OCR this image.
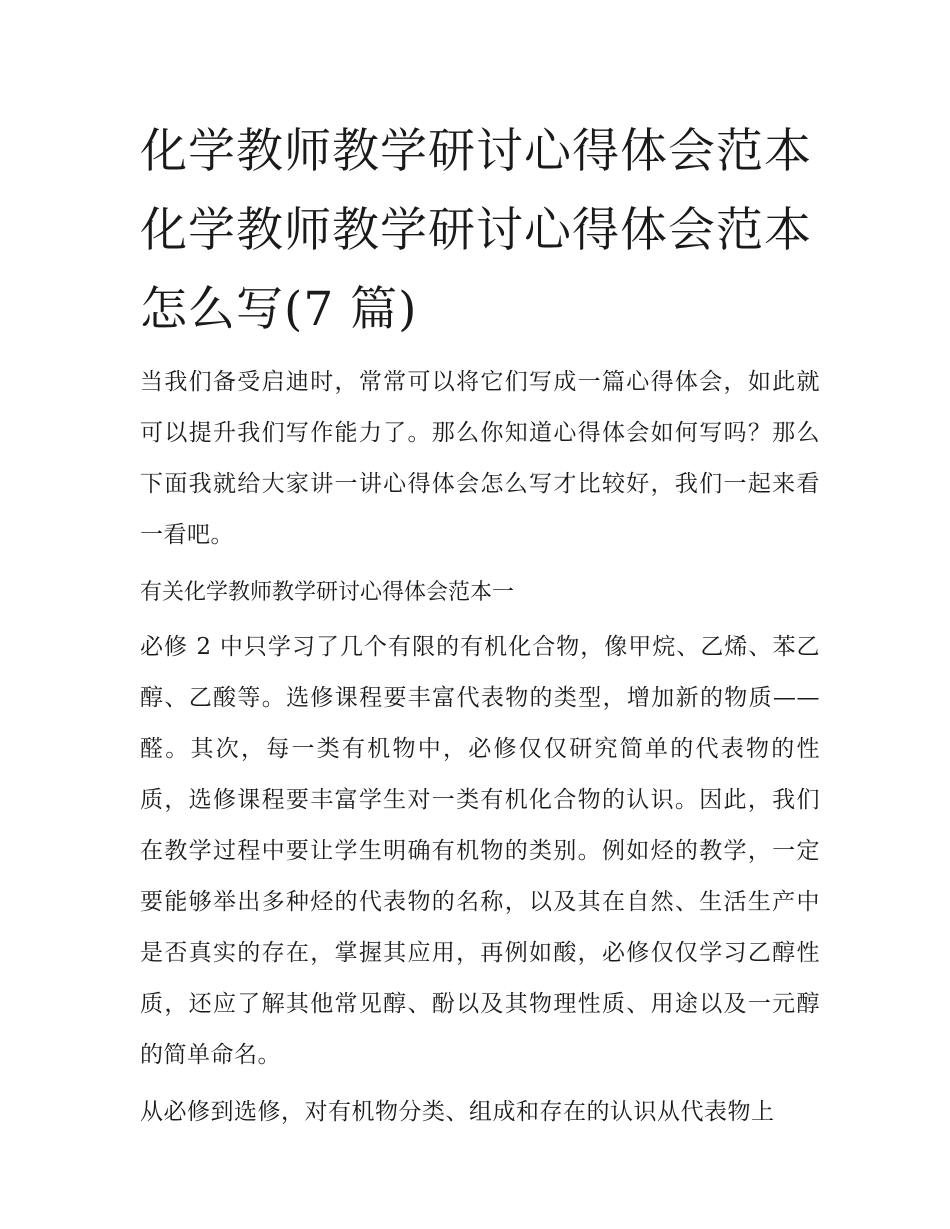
化学教师教学研讨心得体会范本 化学教师教学研讨心得体会范本怎么写(7 篇)

当我们备受启迪时，常常可以将它们写成一篇心得体会，如此就可以提升我们写作能力了。那么你知道心得体会如何写吗？那么下面我就给大家讲一讲心得体会怎么写才比较好，我们一起来看一看吧。

有关化学教师教学研讨心得体会范本一

必修 2 中只学习了几个有限的有机化合物，像甲烷、乙烯、苯乙醇、乙酸等。选修课程要丰富代表物的类型，增加新的物质——醛。其次，每一类有机物中，必修仅仅研究简单的代表物的性质，选修课程要丰富学生对一类有机化合物的认识。因此，我们在教学过程中要让学生明确有机物的类别。例如烃的教学，一定要能够举出多种烃的代表物的名称，以及其在自然、生活生产中是否真实的存在，掌握其应用，再例如酸，必修仅仅学习乙醇性质，还应了解其他常见醇、酚以及其物理性质、用途以及一元醇的简单命名。

从必修到选修，对有机物分类、组成和存在的认识从代表物上
